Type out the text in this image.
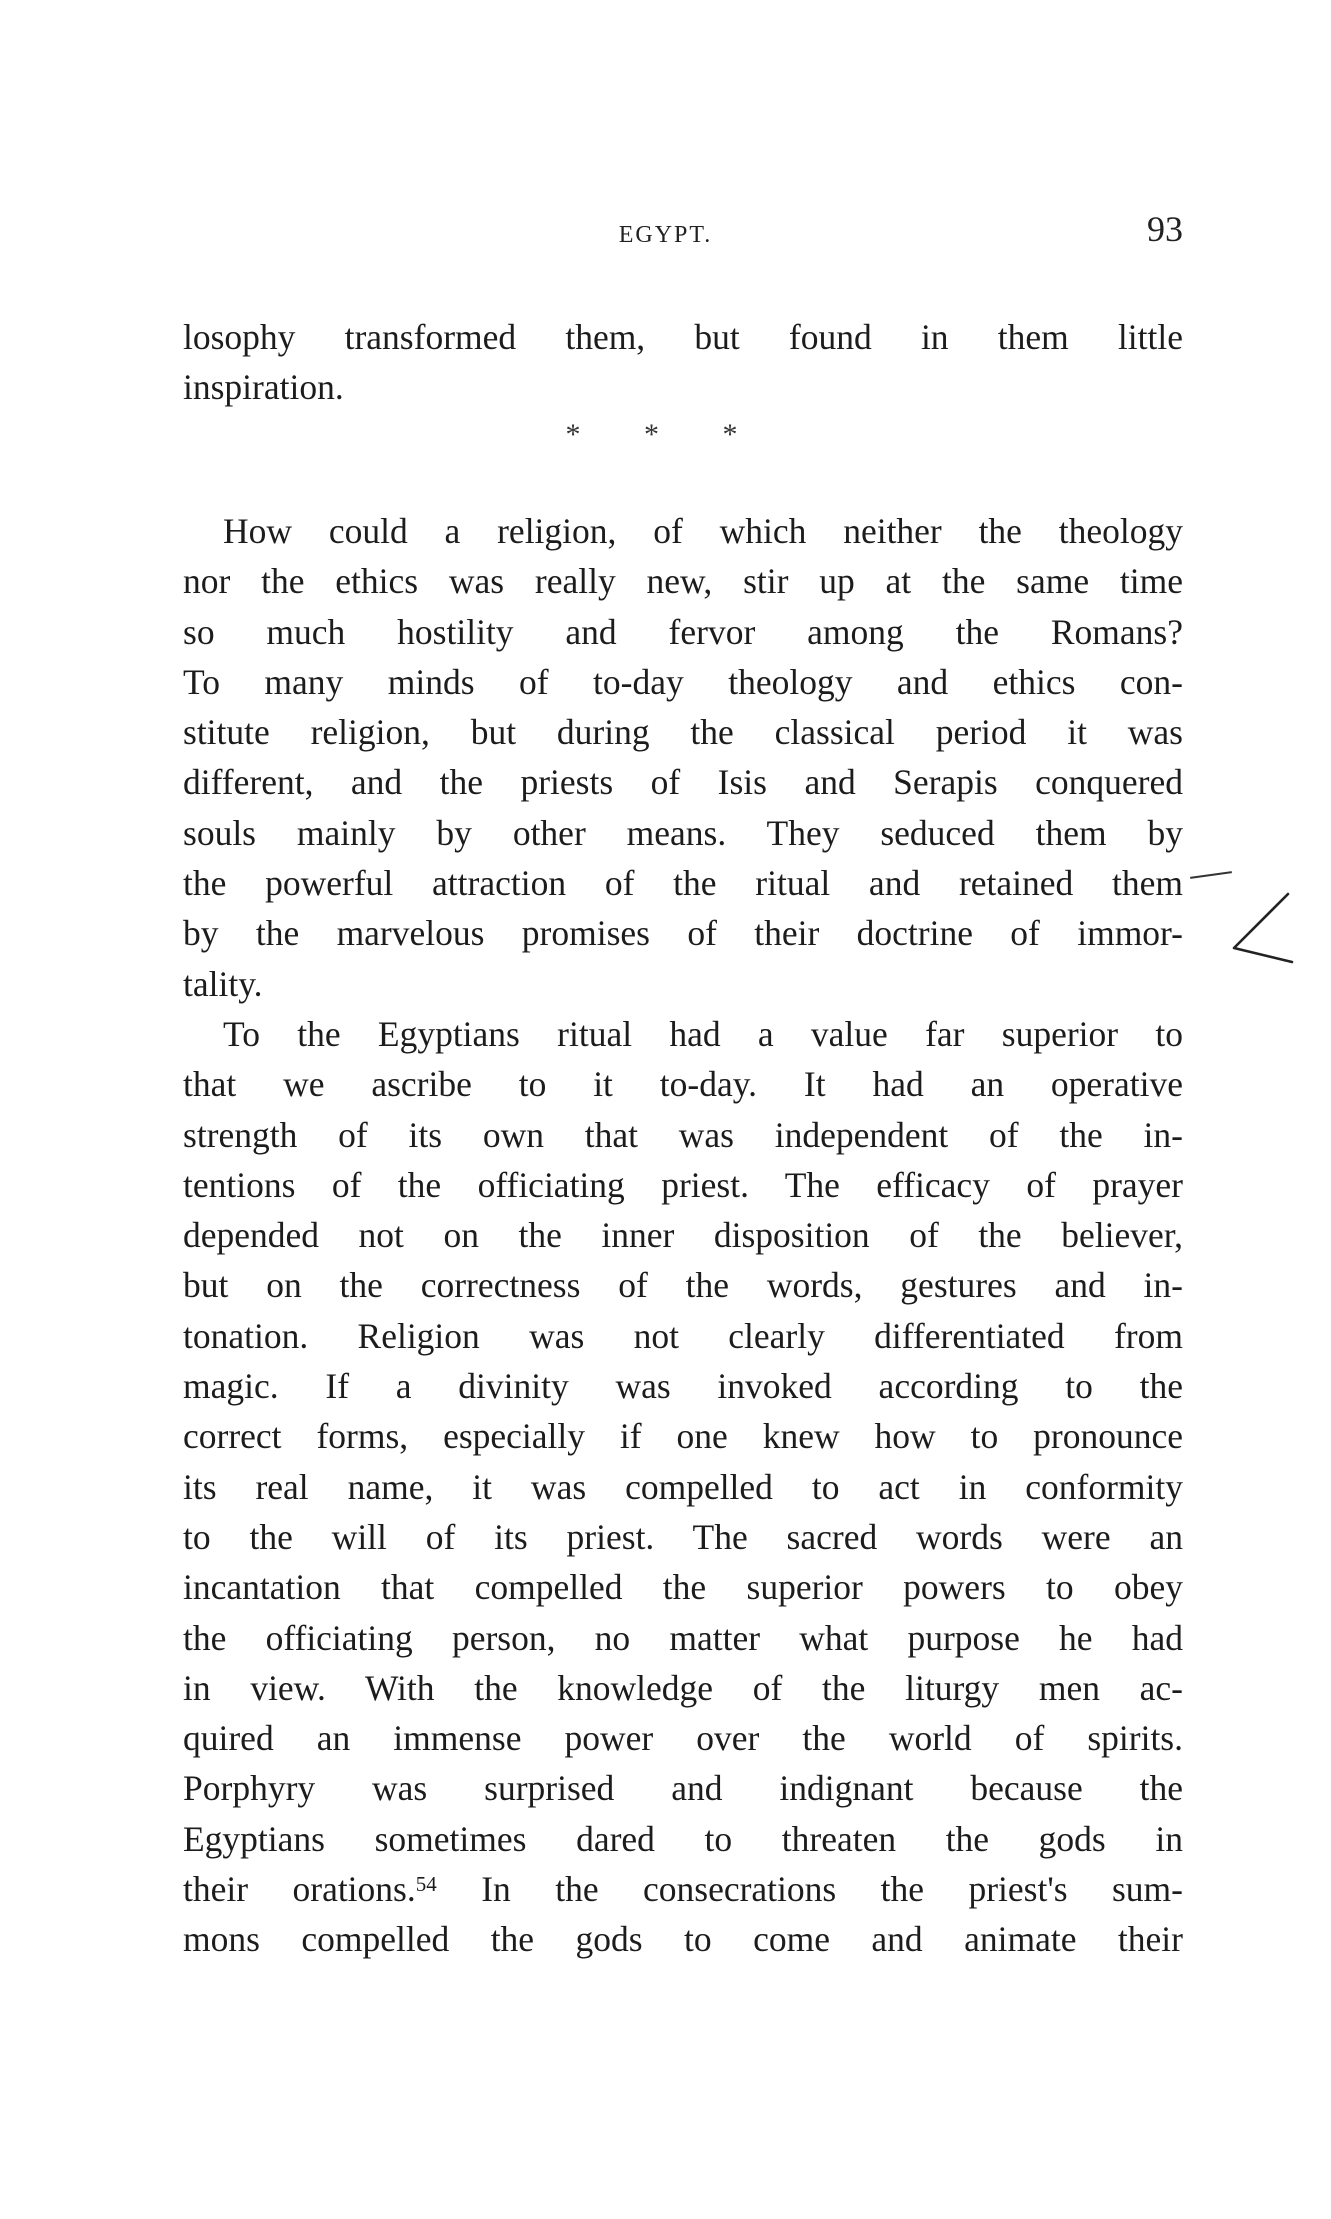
EGYPT.	93
losophy transformed them, but found in them little
inspiration.
* * *
How could a religion, of which neither the theology
nor the ethics was really new, stir up at the same time
so much hostility and fervor among the Romans?
To many minds of to-day theology and ethics con-
stitute religion, but during the classical period it was
different, and the priests of Isis and Serapis conquered
souls mainly by other means. They seduced them by
the powerful attraction of the ritual and retained them
by the marvelous promises of their doctrine of immor-
tality.
To the Egyptians ritual had a value far superior to
that we ascribe to it to-day. It had an operative
strength of its own that was independent of the in-
tentions of the officiating priest. The efficacy of prayer
depended not on the inner disposition of the believer,
but on the correctness of the words, gestures and in-
tonation. Religion was not clearly differentiated from
magic. If a divinity was invoked according to the
correct forms, especially if one knew how to pronounce
its real name, it was compelled to act in conformity
to the will of its priest. The sacred words were an
incantation that compelled the superior powers to obey
the officiating person, no matter what purpose he had
in view. With the knowledge of the liturgy men ac-
quired an immense power over the world of spirits.
Porphyry was surprised and indignant because the
Egyptians sometimes dared to threaten the gods in
their orations.$^{54}$ In the consecrations the priest's sum-
mons compelled the gods to come and animate their
